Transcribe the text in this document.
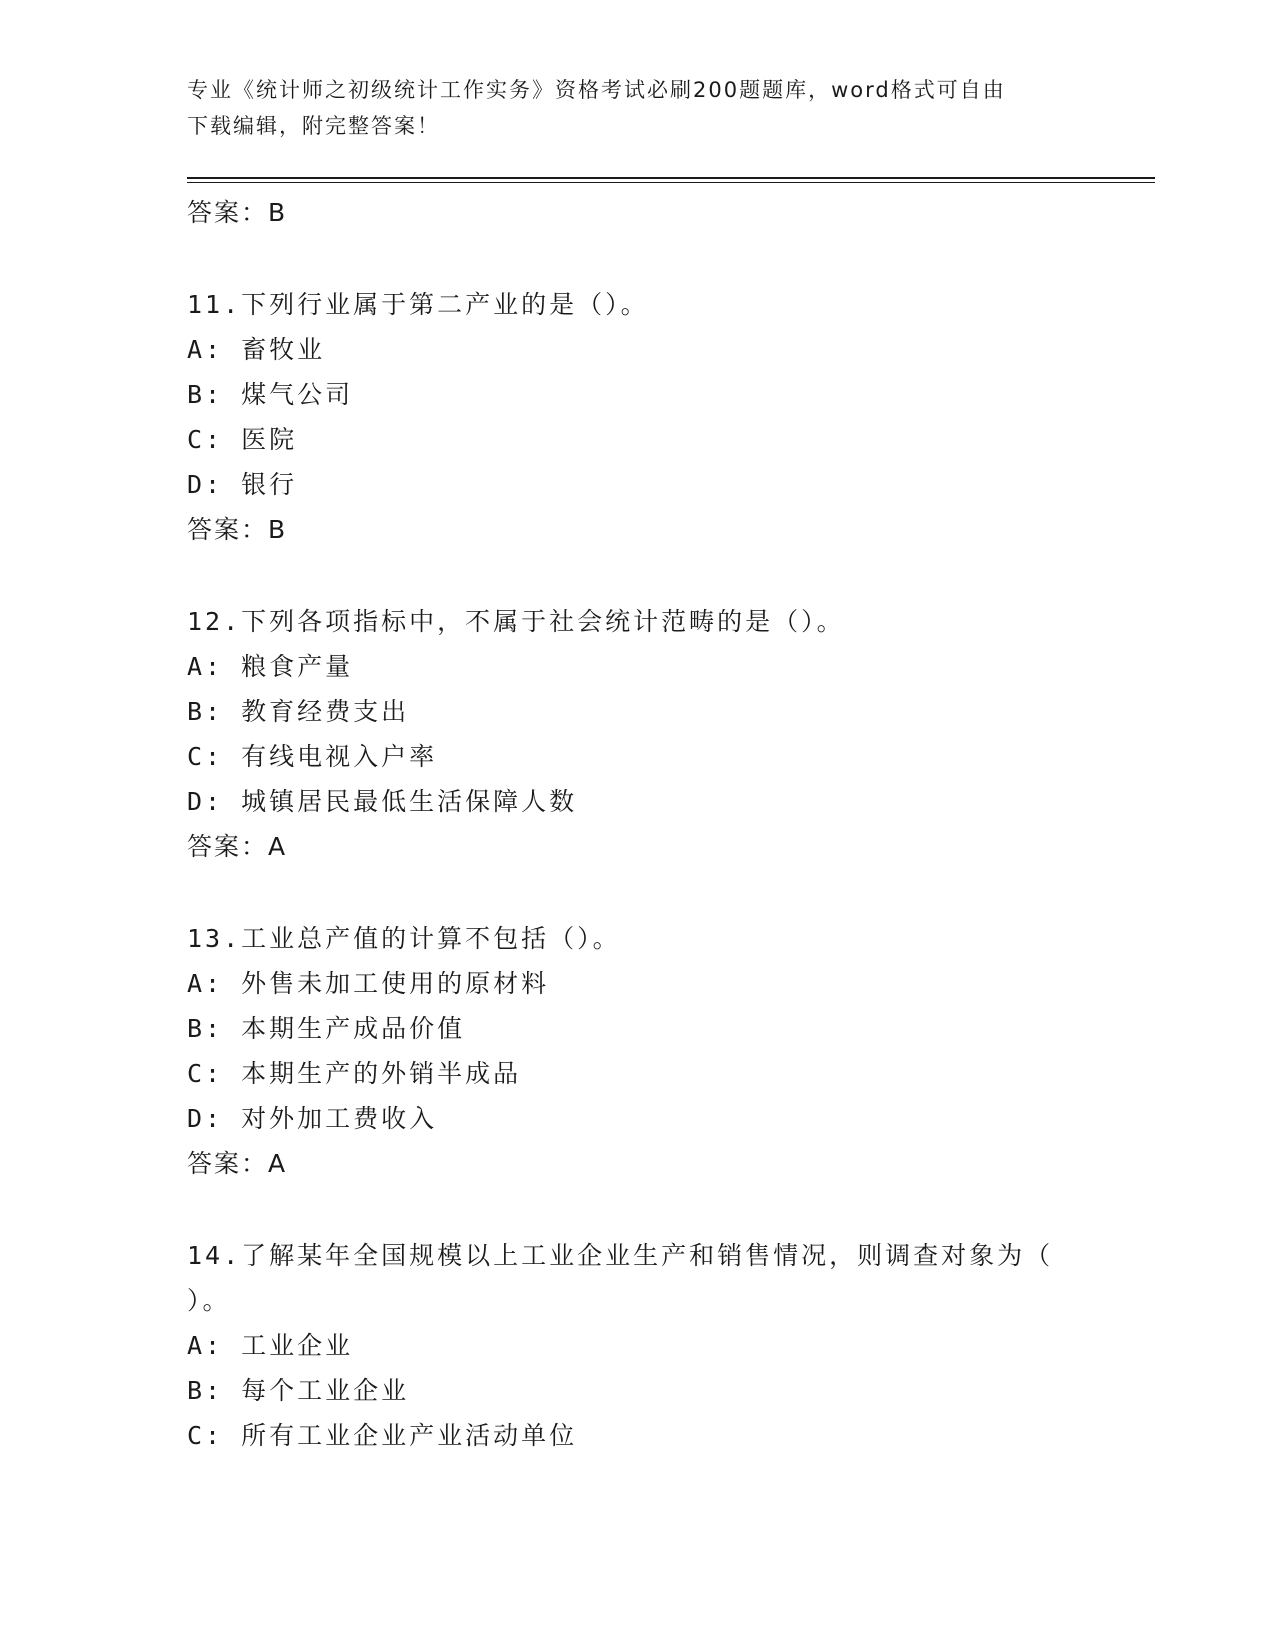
专业《统计师之初级统计工作实务》资格考试必刷200题题库，word格式可自由
下载编辑，附完整答案！
答案：B
11.下列行业属于第二产业的是（）。
A: 畜牧业
B: 煤气公司
C: 医院
D: 银行
答案：B
12.下列各项指标中，不属于社会统计范畴的是（）。
A: 粮食产量
B: 教育经费支出
C: 有线电视入户率
D: 城镇居民最低生活保障人数
答案：A
13.工业总产值的计算不包括（）。
A: 外售未加工使用的原材料
B: 本期生产成品价值
C: 本期生产的外销半成品
D: 对外加工费收入
答案：A
14.了解某年全国规模以上工业企业生产和销售情况，则调查对象为（
）。
A: 工业企业
B: 每个工业企业
C: 所有工业企业产业活动单位
